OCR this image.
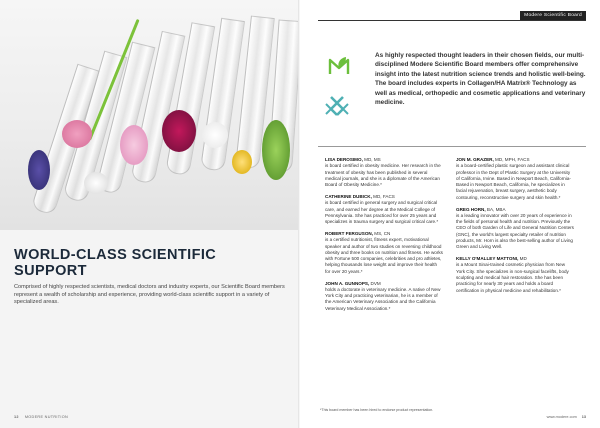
WORLD-CLASS SCIENTIFIC SUPPORT
Comprised of highly respected scientists, medical doctors and industry experts, our Scientific Board members represent a wealth of scholarship and experience, providing world-class scientific support in a variety of specialized areas.
12 MODERE NUTRITION
Modere Scientific Board
As highly respected thought leaders in their chosen fields, our multi-disciplined Modere Scientific Board members offer comprehensive insight into the latest nutrition science trends and holistic well-being. The board includes experts in Collagen/HA Matrix® Technology as well as medical, orthopedic and cosmetic applications and veterinary medicine.
LISA DEROSIMO, MD, MS
is board certified in obesity medicine. Her research in the treatment of obesity has been published in several medical journals, and she is a diplomate of the American Board of Obesity Medicine.*
CATHERINE DUBICK, MD, FACS
is board certified in general surgery and surgical critical care, and earned her degree at the Medical College of Pennsylvania. She has practiced for over 25 years and specializes in trauma surgery and surgical critical care.*
ROBERT FERGUSON, MS, CN
is a certified nutritionist, fitness expert, motivational speaker and author of two studies on reversing childhood obesity and three books on nutrition and fitness. He works with Fortune 500 companies, celebrities and pro athletes, helping thousands lose weight and improve their health for over 20 years.*
JOHN A. GUNNOPS, DVM
holds a doctorate in veterinary medicine. A native of New York City and practicing veterinarian, he is a member of the American Veterinary Association and the California Veterinary Medical Association.*
JON M. GRAZER, MD, MPH, FACS
is a board-certified plastic surgeon and assistant clinical professor in the Dept of Plastic Surgery at the University of California, Irvine. Based in Newport Beach, California-Based in Newport Beach, California, he specializes in facial rejuvenation, breast surgery, aesthetic body contouring, reconstructive surgery and skin health.*
GREG HORN, BA, MBA
is a leading innovator with over 20 years of experience in the fields of personal health and nutrition. Previously the CEO of both Garden of Life and General Nutrition Centers (GNC), the world's largest specialty retailer of nutrition products, Mr. Horn is also the best-selling author of Living Green and Living Well.
KELLY O'MALLEY MATTONI, MD
is a Mount Sinai-trained cosmetic physician from New York City. She specializes in non-surgical facelifts, body sculpting and medical hair restoration. She has been practicing for nearly 30 years and holds a board certification in physical medicine and rehabilitation.*
*This board member has been hired to endorse product representation.
www.modere.com 13
